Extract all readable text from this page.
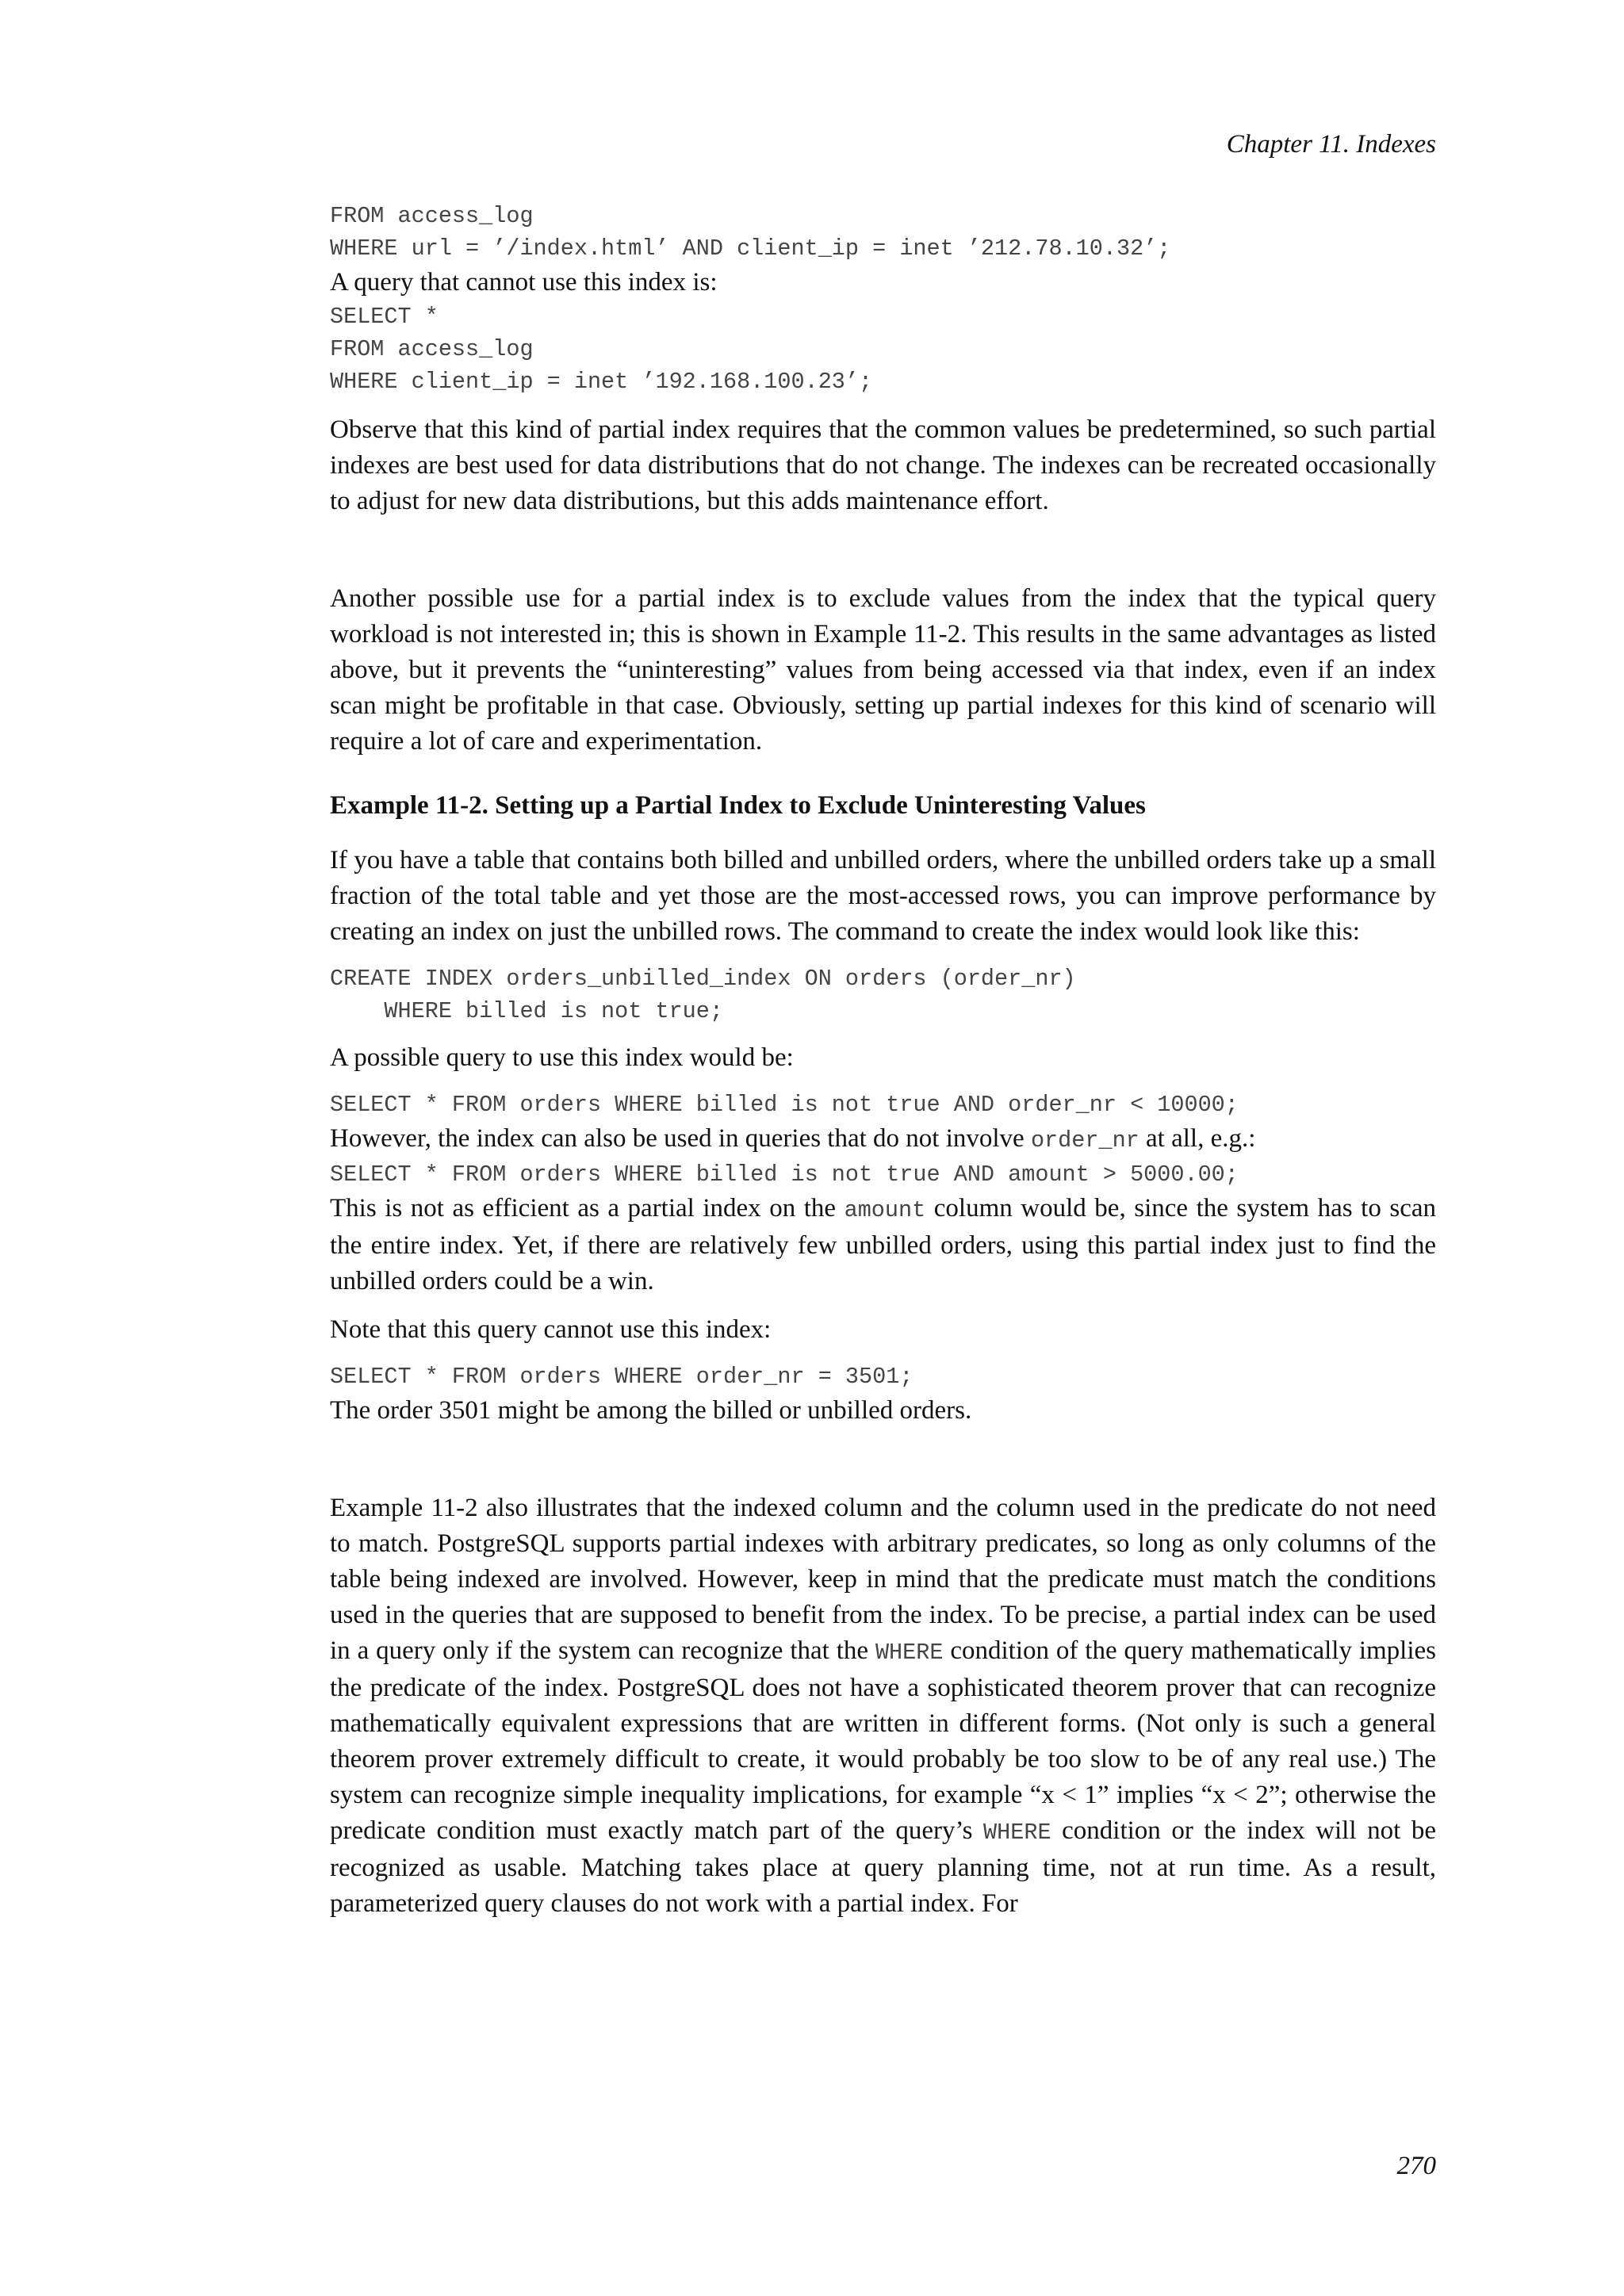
Chapter 11. Indexes
FROM access_log
WHERE url = ’/index.html’ AND client_ip = inet ’212.78.10.32’;

A query that cannot use this index is:

SELECT *
FROM access_log
WHERE client_ip = inet ’192.168.100.23’;

Observe that this kind of partial index requires that the common values be predetermined, so such partial indexes are best used for data distributions that do not change. The indexes can be recreated occasionally to adjust for new data distributions, but this adds maintenance effort.

Another possible use for a partial index is to exclude values from the index that the typical query workload is not interested in; this is shown in Example 11-2. This results in the same advantages as listed above, but it prevents the “uninteresting” values from being accessed via that index, even if an index scan might be profitable in that case. Obviously, setting up partial indexes for this kind of scenario will require a lot of care and experimentation.

Example 11-2. Setting up a Partial Index to Exclude Uninteresting Values

If you have a table that contains both billed and unbilled orders, where the unbilled orders take up a small fraction of the total table and yet those are the most-accessed rows, you can improve performance by creating an index on just the unbilled rows. The command to create the index would look like this:

CREATE INDEX orders_unbilled_index ON orders (order_nr)
WHERE billed is not true;

A possible query to use this index would be:

SELECT * FROM orders WHERE billed is not true AND order_nr < 10000;

However, the index can also be used in queries that do not involve order_nr at all, e.g.:

SELECT * FROM orders WHERE billed is not true AND amount > 5000.00;

This is not as efficient as a partial index on the amount column would be, since the system has to scan the entire index. Yet, if there are relatively few unbilled orders, using this partial index just to find the unbilled orders could be a win.

Note that this query cannot use this index:

SELECT * FROM orders WHERE order_nr = 3501;

The order 3501 might be among the billed or unbilled orders.

Example 11-2 also illustrates that the indexed column and the column used in the predicate do not need to match. PostgreSQL supports partial indexes with arbitrary predicates, so long as only columns of the table being indexed are involved. However, keep in mind that the predicate must match the conditions used in the queries that are supposed to benefit from the index. To be precise, a partial index can be used in a query only if the system can recognize that the WHERE condition of the query mathematically implies the predicate of the index. PostgreSQL does not have a sophisticated theorem prover that can recognize mathematically equivalent expressions that are written in different forms. (Not only is such a general theorem prover extremely difficult to create, it would probably be too slow to be of any real use.) The system can recognize simple inequality implications, for example “x < 1” implies “x < 2”; otherwise the predicate condition must exactly match part of the query’s WHERE condition or the index will not be recognized as usable. Matching takes place at query planning time, not at run time. As a result, parameterized query clauses do not work with a partial index. For

270
